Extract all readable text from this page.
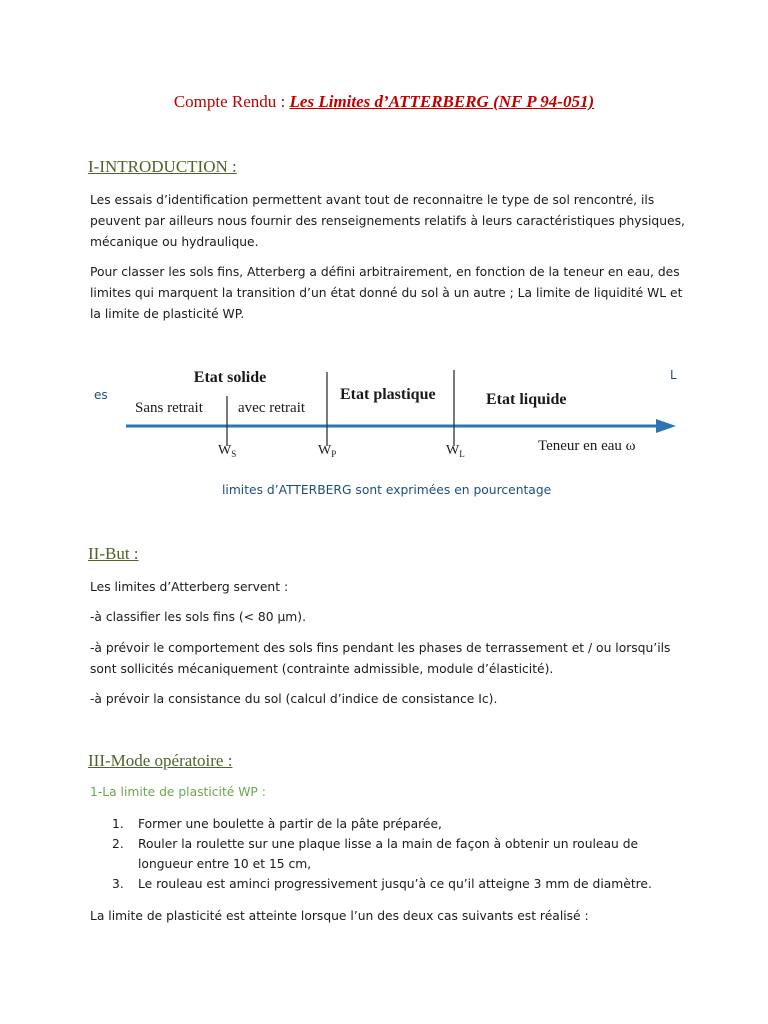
Compte Rendu : Les Limites d’ATTERBERG (NF P 94-051)
I-INTRODUCTION :
Les essais d’identification permettent avant tout de reconnaitre le type de sol rencontré, ils
peuvent par ailleurs nous fournir des renseignements relatifs à leurs caractéristiques physiques,
mécanique ou hydraulique.
Pour classer les sols fins, Atterberg a défini arbitrairement, en fonction de la teneur en eau, des
limites qui marquent la transition d’un état donné du sol à un autre ; La limite de liquidité WL et
la limite de plasticité WP.
es
L
Etat solide
Sans retrait avec retrait
Etat plastique	Etat liquide
$W_S$	$W_P$	$W_L$	Teneur en eau ω
limites d’ATTERBERG sont exprimées en pourcentage
II-But :
Les limites d’Atterberg servent :
-à classifier les sols fins (< 80 µm).
-à prévoir le comportement des sols fins pendant les phases de terrassement et / ou lorsqu’ils
sont sollicités mécaniquement (contrainte admissible, module d’élasticité).
-à prévoir la consistance du sol (calcul d’indice de consistance Ic).
III-Mode opératoire :
1-La limite de plasticité WP :
1. Former une boulette à partir de la pâte préparée,
2. Rouler la roulette sur une plaque lisse a la main de façon à obtenir un rouleau de
longueur entre 10 et 15 cm,
3. Le rouleau est aminci progressivement jusqu’à ce qu’il atteigne 3 mm de diamètre.
La limite de plasticité est atteinte lorsque l’un des deux cas suivants est réalisé :
